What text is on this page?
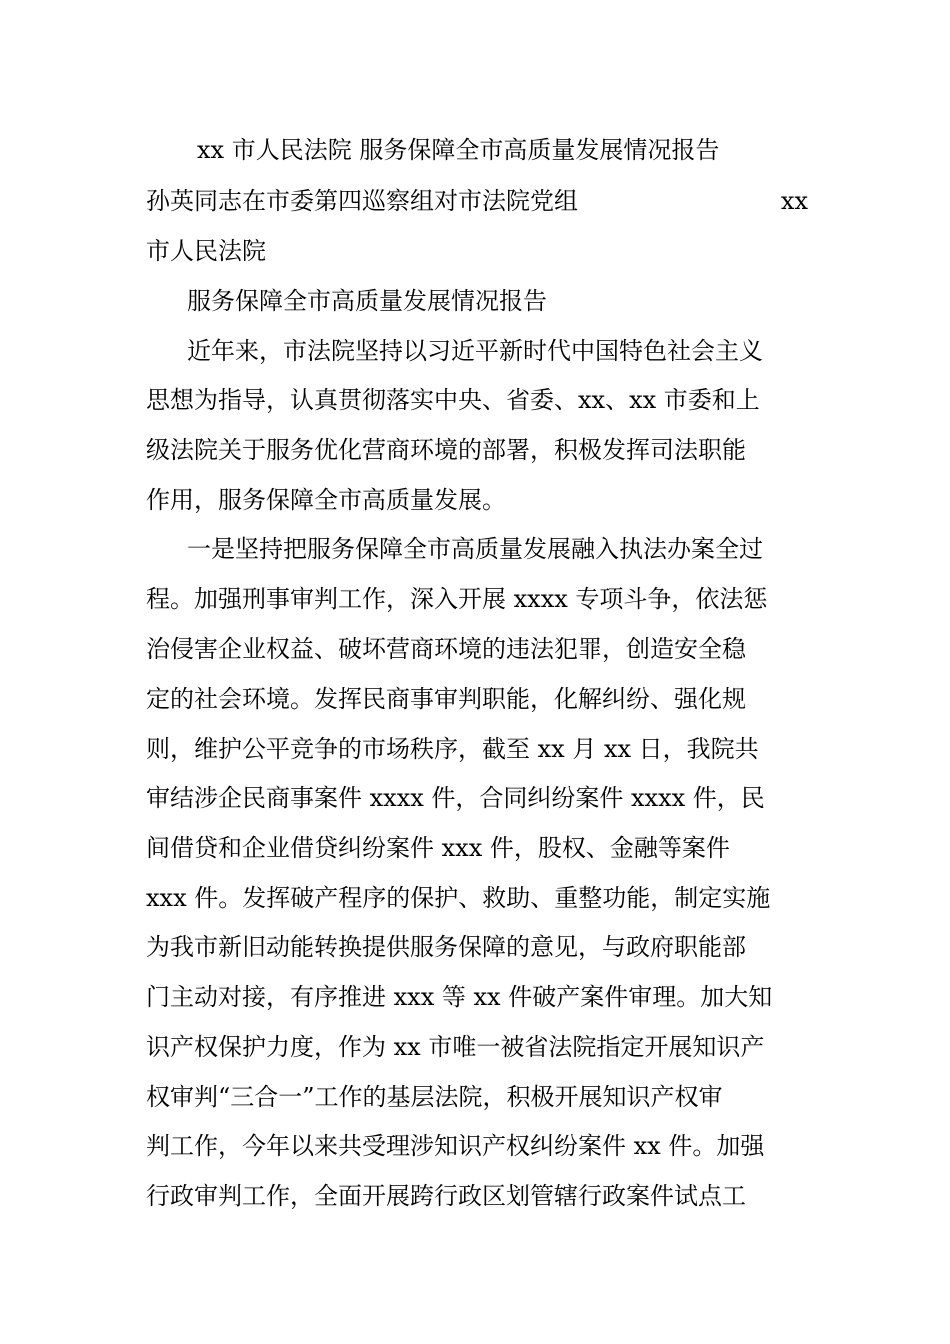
xx 市人民法院 服务保障全市高质量发展情况报告
孙英同志在市委第四巡察组对市法院党组	xx
市人民法院
服务保障全市高质量发展情况报告
近年来，市法院坚持以习近平新时代中国特色社会主义
思想为指导，认真贯彻落实中央、省委、xx、xx 市委和上
级法院关于服务优化营商环境的部署，积极发挥司法职能
作用，服务保障全市高质量发展。
一是坚持把服务保障全市高质量发展融入执法办案全过
程。加强刑事审判工作，深入开展 xxxx 专项斗争，依法惩
治侵害企业权益、破坏营商环境的违法犯罪，创造安全稳
定的社会环境。发挥民商事审判职能，化解纠纷、强化规
则，维护公平竞争的市场秩序，截至 xx 月 xx 日，我院共
审结涉企民商事案件 xxxx 件，合同纠纷案件 xxxx 件，民
间借贷和企业借贷纠纷案件 xxx 件，股权、金融等案件
xxx 件。发挥破产程序的保护、救助、重整功能，制定实施
为我市新旧动能转换提供服务保障的意见，与政府职能部
门主动对接，有序推进 xxx 等 xx 件破产案件审理。加大知
识产权保护力度，作为 xx 市唯一被省法院指定开展知识产
权审判“三合一”工作的基层法院，积极开展知识产权审
判工作，今年以来共受理涉知识产权纠纷案件 xx 件。加强
行政审判工作，全面开展跨行政区划管辖行政案件试点工
